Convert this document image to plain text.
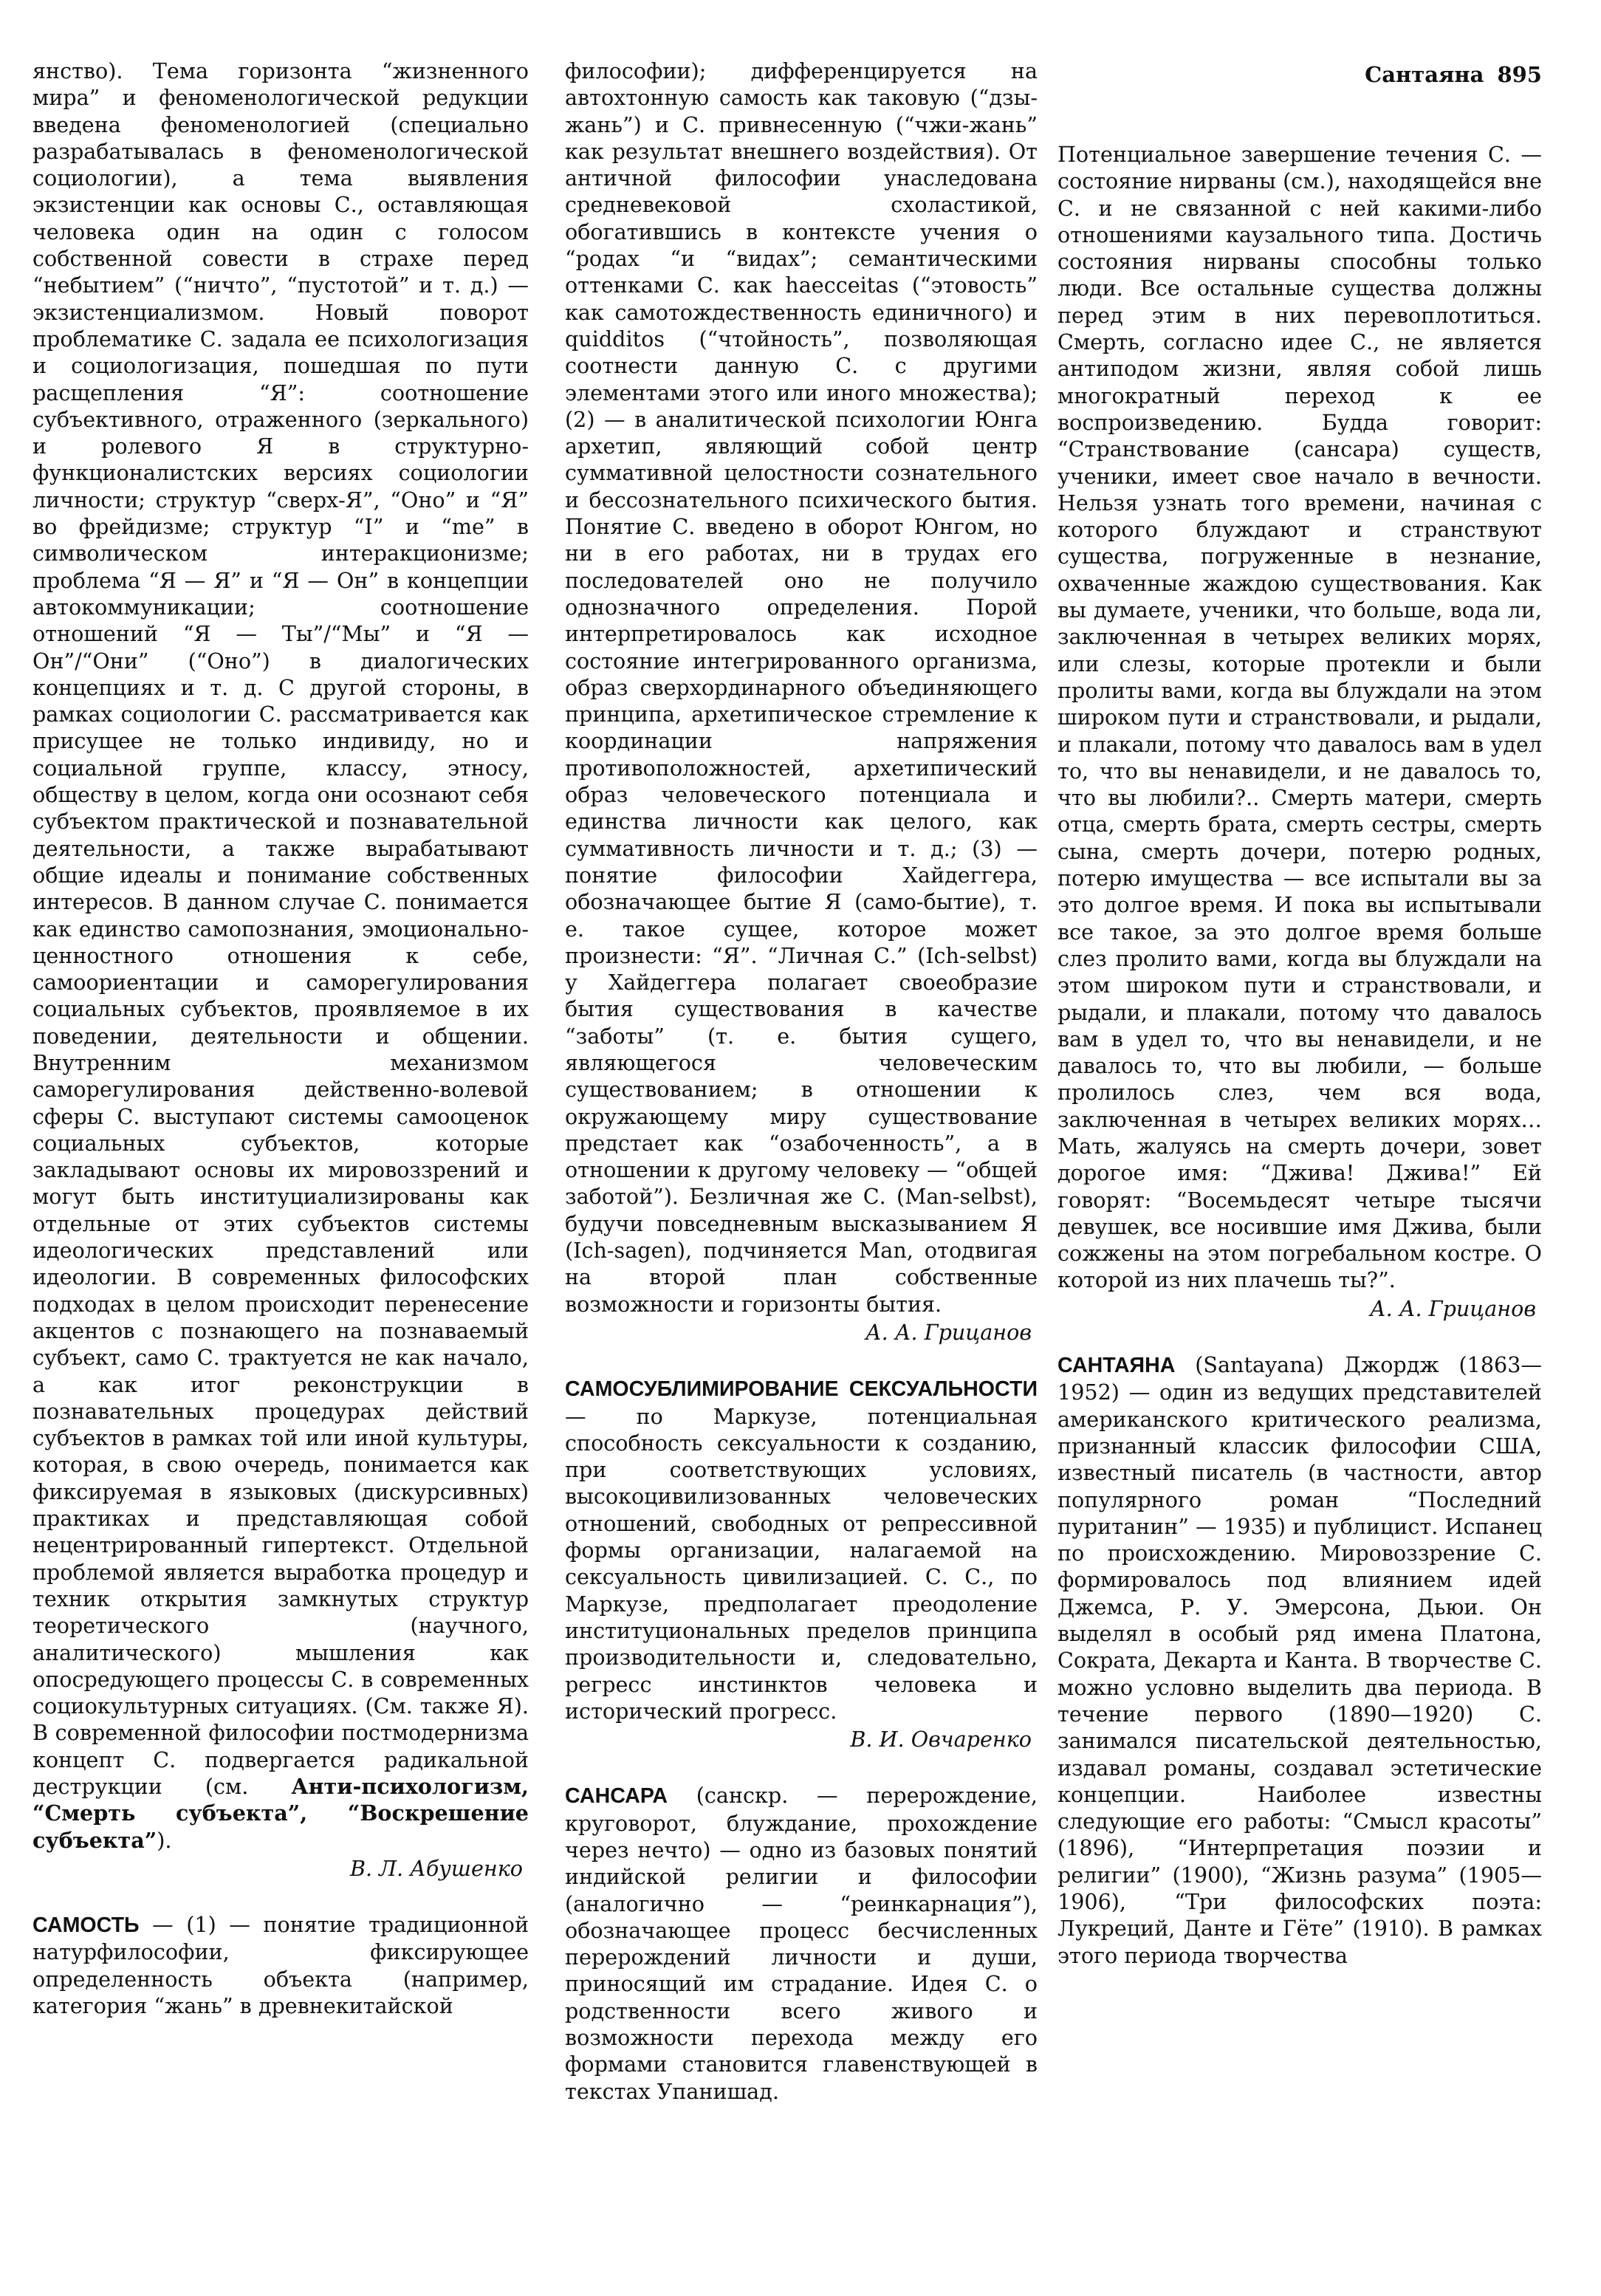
Сантаяна 895

янство). Тема горизонта “жизненного мира” и феноменологической редукции введена феноменологией (специально разрабатывалась в феноменологической социологии), а тема выявления экзистенции как основы С., оставляющая человека один на один с голосом собственной совести в страхе перед “небытием” (“ничто”, “пустотой” и т. д.) — экзистенциализмом. Новый поворот проблематике С. задала ее психологизация и социологизация, пошедшая по пути расщепления “Я”: соотношение субъективного, отраженного (зеркального) и ролевого Я в структурно-функционалистских версиях социологии личности; структур “сверх-Я”, “Оно” и “Я” во фрейдизме; структур “I” и “me” в символическом интеракционизме; проблема “Я — Я” и “Я — Он” в концепции автокоммуникации; соотношение отношений “Я — Ты”/“Мы” и “Я — Он”/“Они” (“Оно”) в диалогических концепциях и т. д. С другой стороны, в рамках социологии С. рассматривается как присущее не только индивиду, но и социальной группе, классу, этносу, обществу в целом, когда они осознают себя субъектом практической и познавательной деятельности, а также вырабатывают общие идеалы и понимание собственных интересов. В данном случае С. понимается как единство самопознания, эмоционально-ценностного отношения к себе, самоориентации и саморегулирования социальных субъектов, проявляемое в их поведении, деятельности и общении. Внутренним механизмом саморегулирования действенно-волевой сферы С. выступают системы самооценок социальных субъектов, которые закладывают основы их мировоззрений и могут быть институциализированы как отдельные от этих субъектов системы идеологических представлений или идеологии. В современных философских подходах в целом происходит перенесение акцентов с познающего на познаваемый субъект, само С. трактуется не как начало, а как итог реконструкции в познавательных процедурах действий субъектов в рамках той или иной культуры, которая, в свою очередь, понимается как фиксируемая в языковых (дискурсивных) практиках и представляющая собой нецентрированный гипертекст. Отдельной проблемой является выработка процедур и техник открытия замкнутых структур теоретического (научного, аналитического) мышления как опосредующего процессы С. в современных социокультурных ситуациях. (См. также Я). В современной философии постмодернизма концепт С. подвергается радикальной деструкции (см. Анти-психологизм, “Смерть субъекта”, “Воскрешение субъекта”).

В. Л. Абушенко

САМОСТЬ — (1) — понятие традиционной натурфилософии, фиксирующее определенность объекта (например, категория “жань” в древнекитайской

философии); дифференцируется на автохтонную самость как таковую (“дзы-жань”) и С. привнесенную (“чжи-жань” как результат внешнего воздействия). От античной философии унаследована средневековой схоластикой, обогатившись в контексте учения о “родах “и “видах”; семантическими оттенками С. как haecceitas (“этовость” как самотождественность единичного) и quidditos (“чтойность”, позволяющая соотнести данную С. с другими элементами этого или иного множества); (2) — в аналитической психологии Юнга архетип, являющий собой центр суммативной целостности сознательного и бессознательного психического бытия. Понятие С. введено в оборот Юнгом, но ни в его работах, ни в трудах его последователей оно не получило однозначного определения. Порой интерпретировалось как исходное состояние интегрированного организма, образ сверхординарного объединяющего принципа, архетипическое стремление к координации напряжения противоположностей, архетипический образ человеческого потенциала и единства личности как целого, как суммативность личности и т. д.; (3) — понятие философии Хайдеггера, обозначающее бытие Я (само-бытие), т. е. такое сущее, которое может произнести: “Я”. “Личная С.” (Ich-selbst) у Хайдеггера полагает своеобразие бытия существования в качестве “заботы” (т. е. бытия сущего, являющегося человеческим существованием; в отношении к окружающему миру существование предстает как “озабоченность”, а в отношении к другому человеку — “общей заботой”). Безличная же С. (Man-selbst), будучи повседневным высказыванием Я (Ich-sagen), подчиняется Man, отодвигая на второй план собственные возможности и горизонты бытия.

А. А. Грицанов

САМОСУБЛИМИРОВАНИЕ СЕКСУАЛЬНОСТИ — по Маркузе, потенциальная способность сексуальности к созданию, при соответствующих условиях, высокоцивилизованных человеческих отношений, свободных от репрессивной формы организации, налагаемой на сексуальность цивилизацией. С. С., по Маркузе, предполагает преодоление институциональных пределов принципа производительности и, следовательно, регресс инстинктов человека и исторический прогресс.

В. И. Овчаренко

САНСАРА (санскр. — перерождение, круговорот, блуждание, прохождение через нечто) — одно из базовых понятий индийской религии и философии (аналогично — “реинкарнация”), обозначающее процесс бесчисленных перерождений личности и души, приносящий им страдание. Идея С. о родственности всего живого и возможности перехода между его формами становится главенствующей в текстах Упанишад.

Потенциальное завершение течения С. — состояние нирваны (см.), находящейся вне С. и не связанной с ней какими-либо отношениями каузального типа. Достичь состояния нирваны способны только люди. Все остальные существа должны перед этим в них перевоплотиться. Смерть, согласно идее С., не является антиподом жизни, являя собой лишь многократный переход к ее воспроизведению. Будда говорит: “Странствование (сансара) существ, ученики, имеет свое начало в вечности. Нельзя узнать того времени, начиная с которого блуждают и странствуют существа, погруженные в незнание, охваченные жаждою существования. Как вы думаете, ученики, что больше, вода ли, заключенная в четырех великих морях, или слезы, которые протекли и были пролиты вами, когда вы блуждали на этом широком пути и странствовали, и рыдали, и плакали, потому что давалось вам в удел то, что вы ненавидели, и не давалось то, что вы любили?.. Смерть матери, смерть отца, смерть брата, смерть сестры, смерть сына, смерть дочери, потерю родных, потерю имущества — все испытали вы за это долгое время. И пока вы испытывали все такое, за это долгое время больше слез пролито вами, когда вы блуждали на этом широком пути и странствовали, и рыдали, и плакали, потому что давалось вам в удел то, что вы ненавидели, и не давалось то, что вы любили, — больше пролилось слез, чем вся вода, заключенная в четырех великих морях… Мать, жалуясь на смерть дочери, зовет дорогое имя: “Джива! Джива!” Ей говорят: “Восемьдесят четыре тысячи девушек, все носившие имя Джива, были сожжены на этом погребальном костре. О которой из них плачешь ты?”.

А. А. Грицанов

САНТАЯНА (Santayana) Джордж (1863—1952) — один из ведущих представителей американского критического реализма, признанный классик философии США, известный писатель (в частности, автор популярного роман “Последний пуританин” — 1935) и публицист. Испанец по происхождению. Мировоззрение С. формировалось под влиянием идей Джемса, Р. У. Эмерсона, Дьюи. Он выделял в особый ряд имена Платона, Сократа, Декарта и Канта. В творчестве С. можно условно выделить два периода. В течение первого (1890—1920) С. занимался писательской деятельностью, издавал романы, создавал эстетические концепции. Наиболее известны следующие его работы: “Смысл красоты” (1896), “Интерпретация поэзии и религии” (1900), “Жизнь разума” (1905—1906), “Три философских поэта: Лукреций, Данте и Гёте” (1910). В рамках этого периода творчества
